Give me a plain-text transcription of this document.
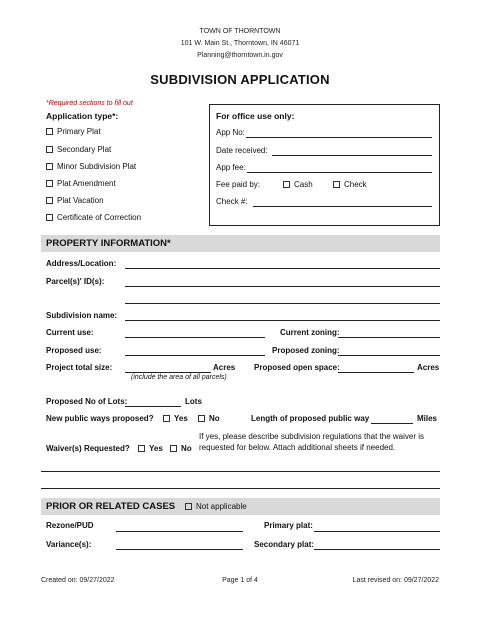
TOWN OF THORNTOWN
101 W. Main St., Thorntown, IN 46071
Planning@thorntown.in.gov
SUBDIVISION APPLICATION
*Required sections to fill out
Application type*:
Primary Plat
Secondary Plat
Minor Subdivision Plat
Plat Amendment
Plat Vacation
Certificate of Correction
For office use only:
App No:
Date received:
App fee:
Fee paid by:	Cash	Check
Check #:
PROPERTY INFORMATION*
Address/Location:
Parcel(s)' ID(s):
Subdivision name:
Current use:	Current zoning:
Proposed use:	Proposed zoning:
Project total size:	Acres Proposed open space:	Acres
(include the area of all parcels)
Proposed No of Lots:	Lots
New public ways proposed?	Yes	No	Length of proposed public way	Miles
Waiver(s) Requested?	Yes	No
If yes, please describe subdivision regulations that the waiver is
requested for below. Attach additional sheets if needed.
PRIOR OR RELATED CASES	Not applicable
Rezone/PUD	Primary plat:
Variance(s):	Secondary plat:
Created on: 09/27/2022	Page 1 of 4	Last revised on: 09/27/2022
